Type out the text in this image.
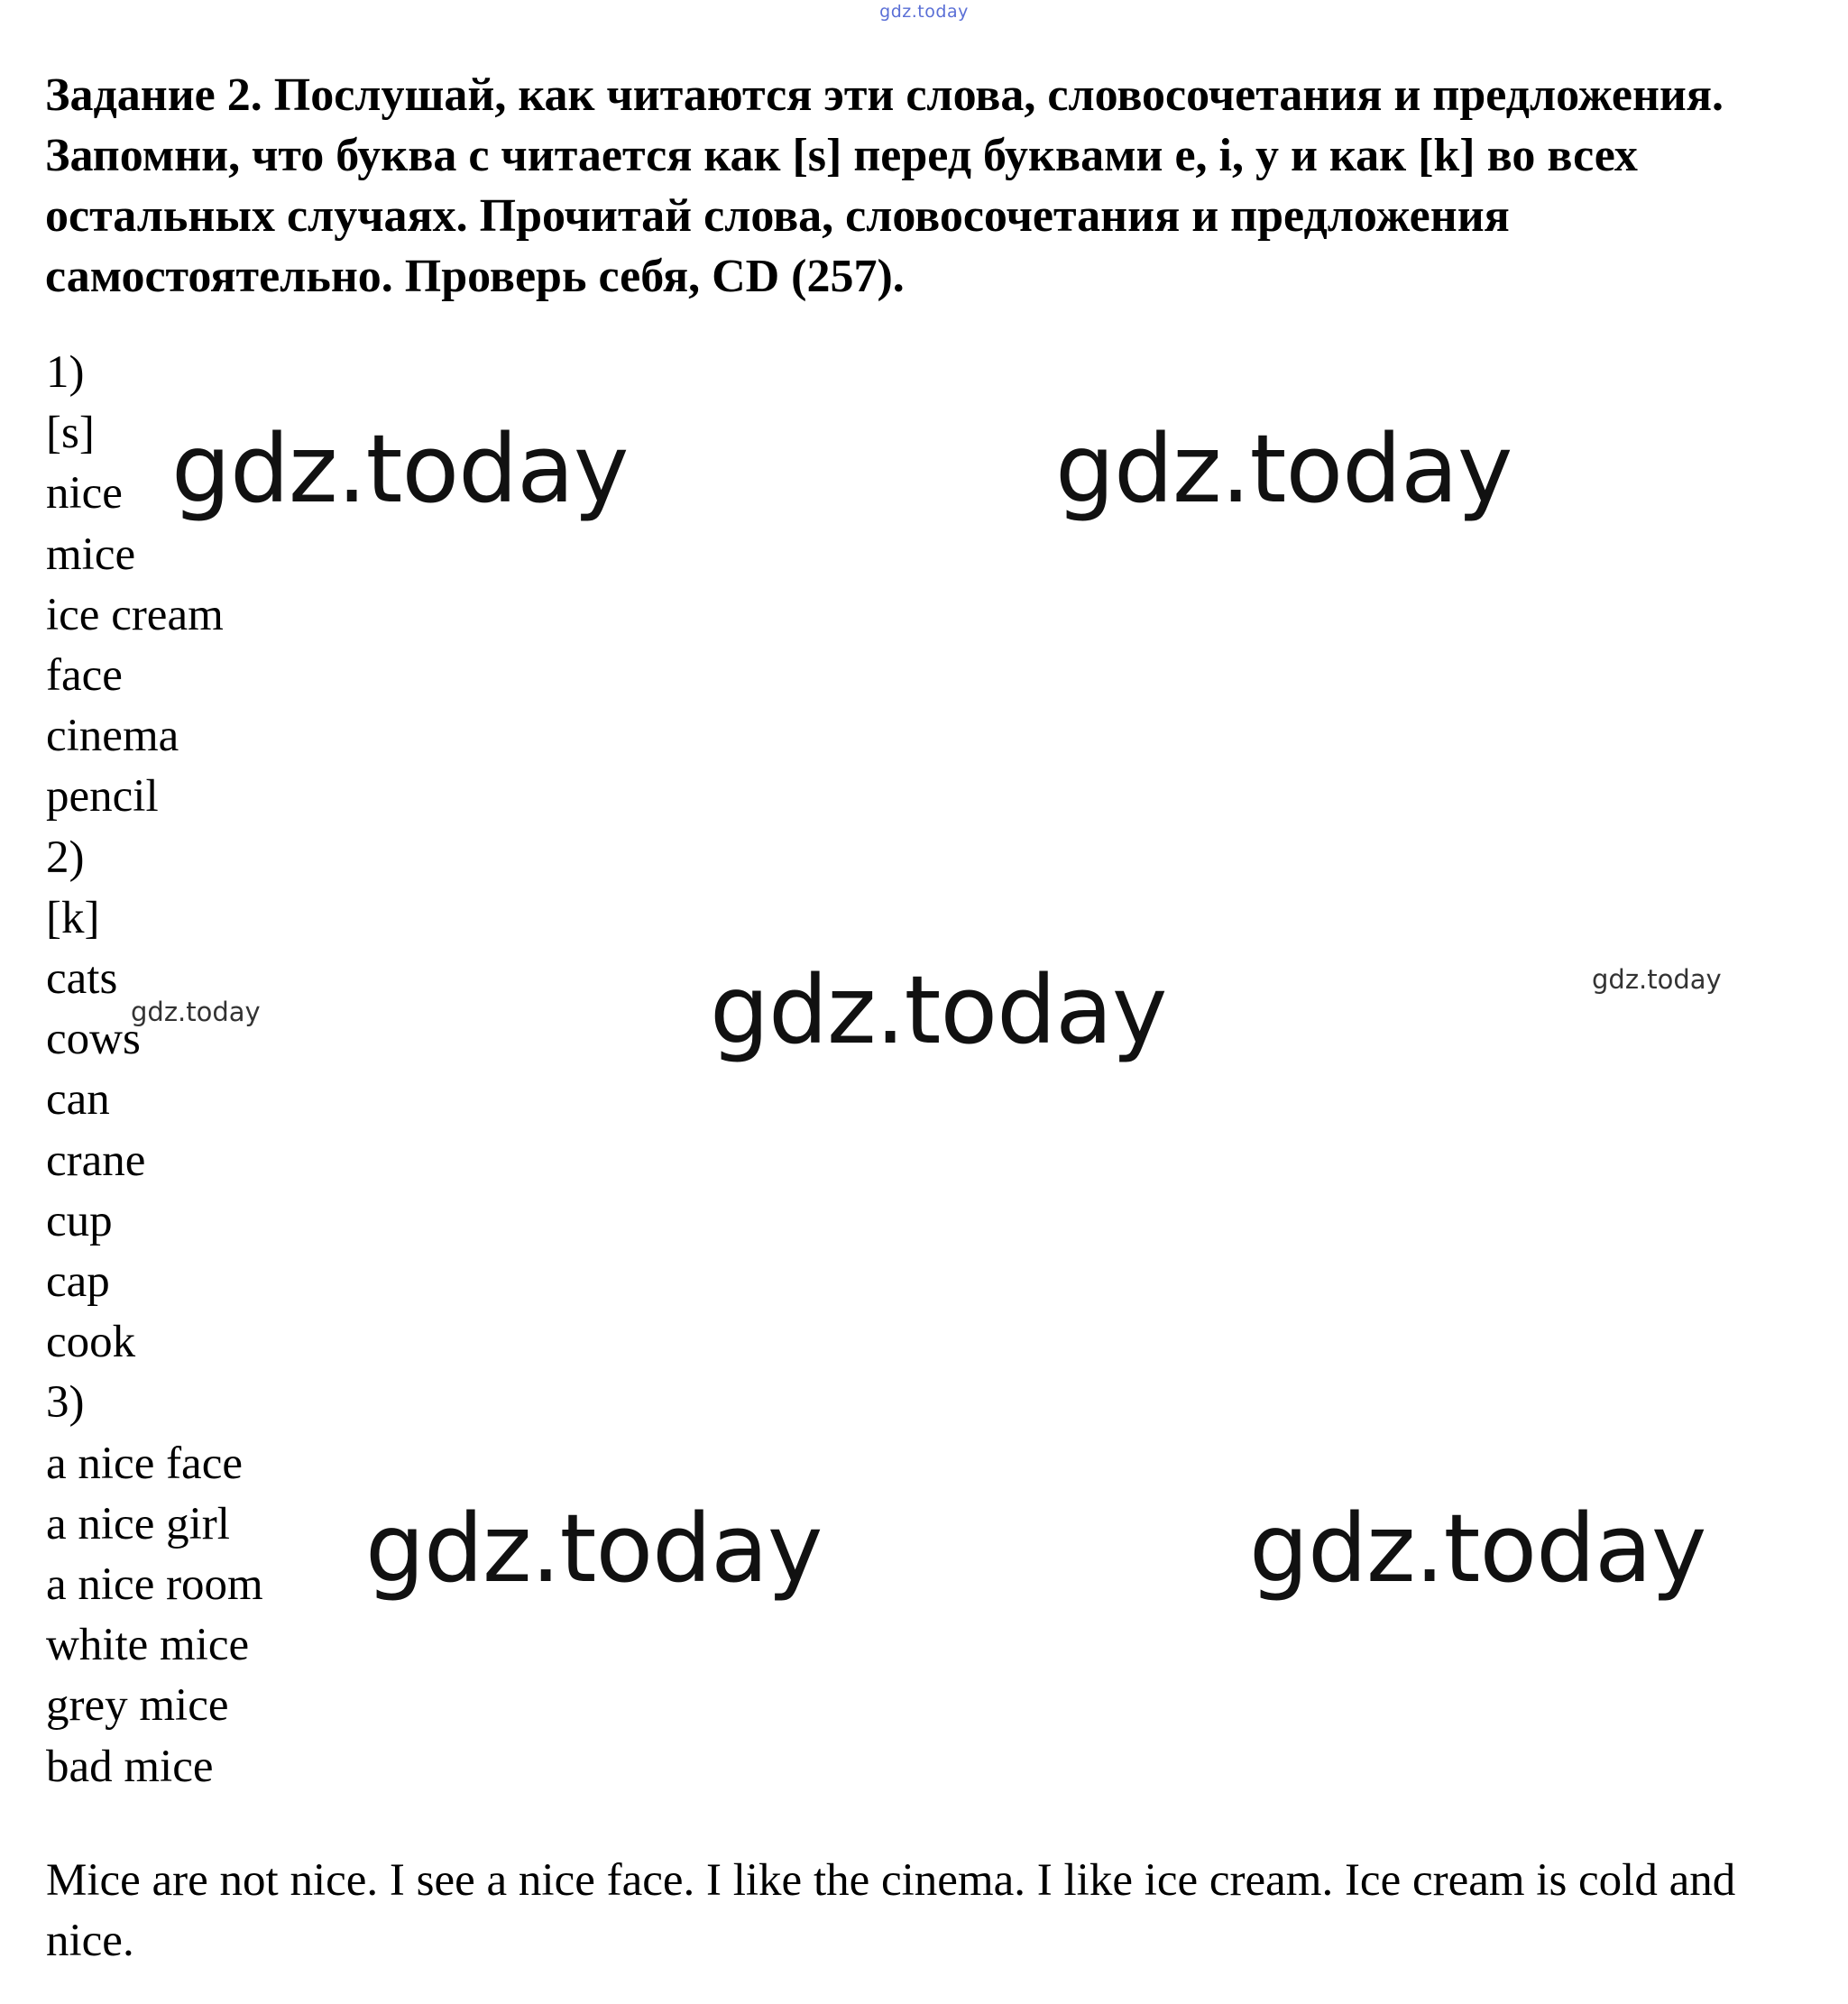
gdz.today
Задание 2. Послушай, как читаются эти слова, словосочетания и предложения. Запомни, что буква c читается как [s] перед буквами e, i, y и как [k] во всех остальных случаях. Прочитай слова, словосочетания и предложения самостоятельно. Проверь себя, CD (257).
1)
[s]
nice
mice
ice cream
face
cinema
pencil
2)
[k]
cats
cows
can
crane
cup
cap
cook
3)
a nice face
a nice girl
a nice room
white mice
grey mice
bad mice

Mice are not nice. I see a nice face. I like the cinema. I like ice cream. Ice cream is cold and nice.

gdz.today	gdz.today
gdz.today
gdz.today	gdz.today
gdz.today
gdz.today
